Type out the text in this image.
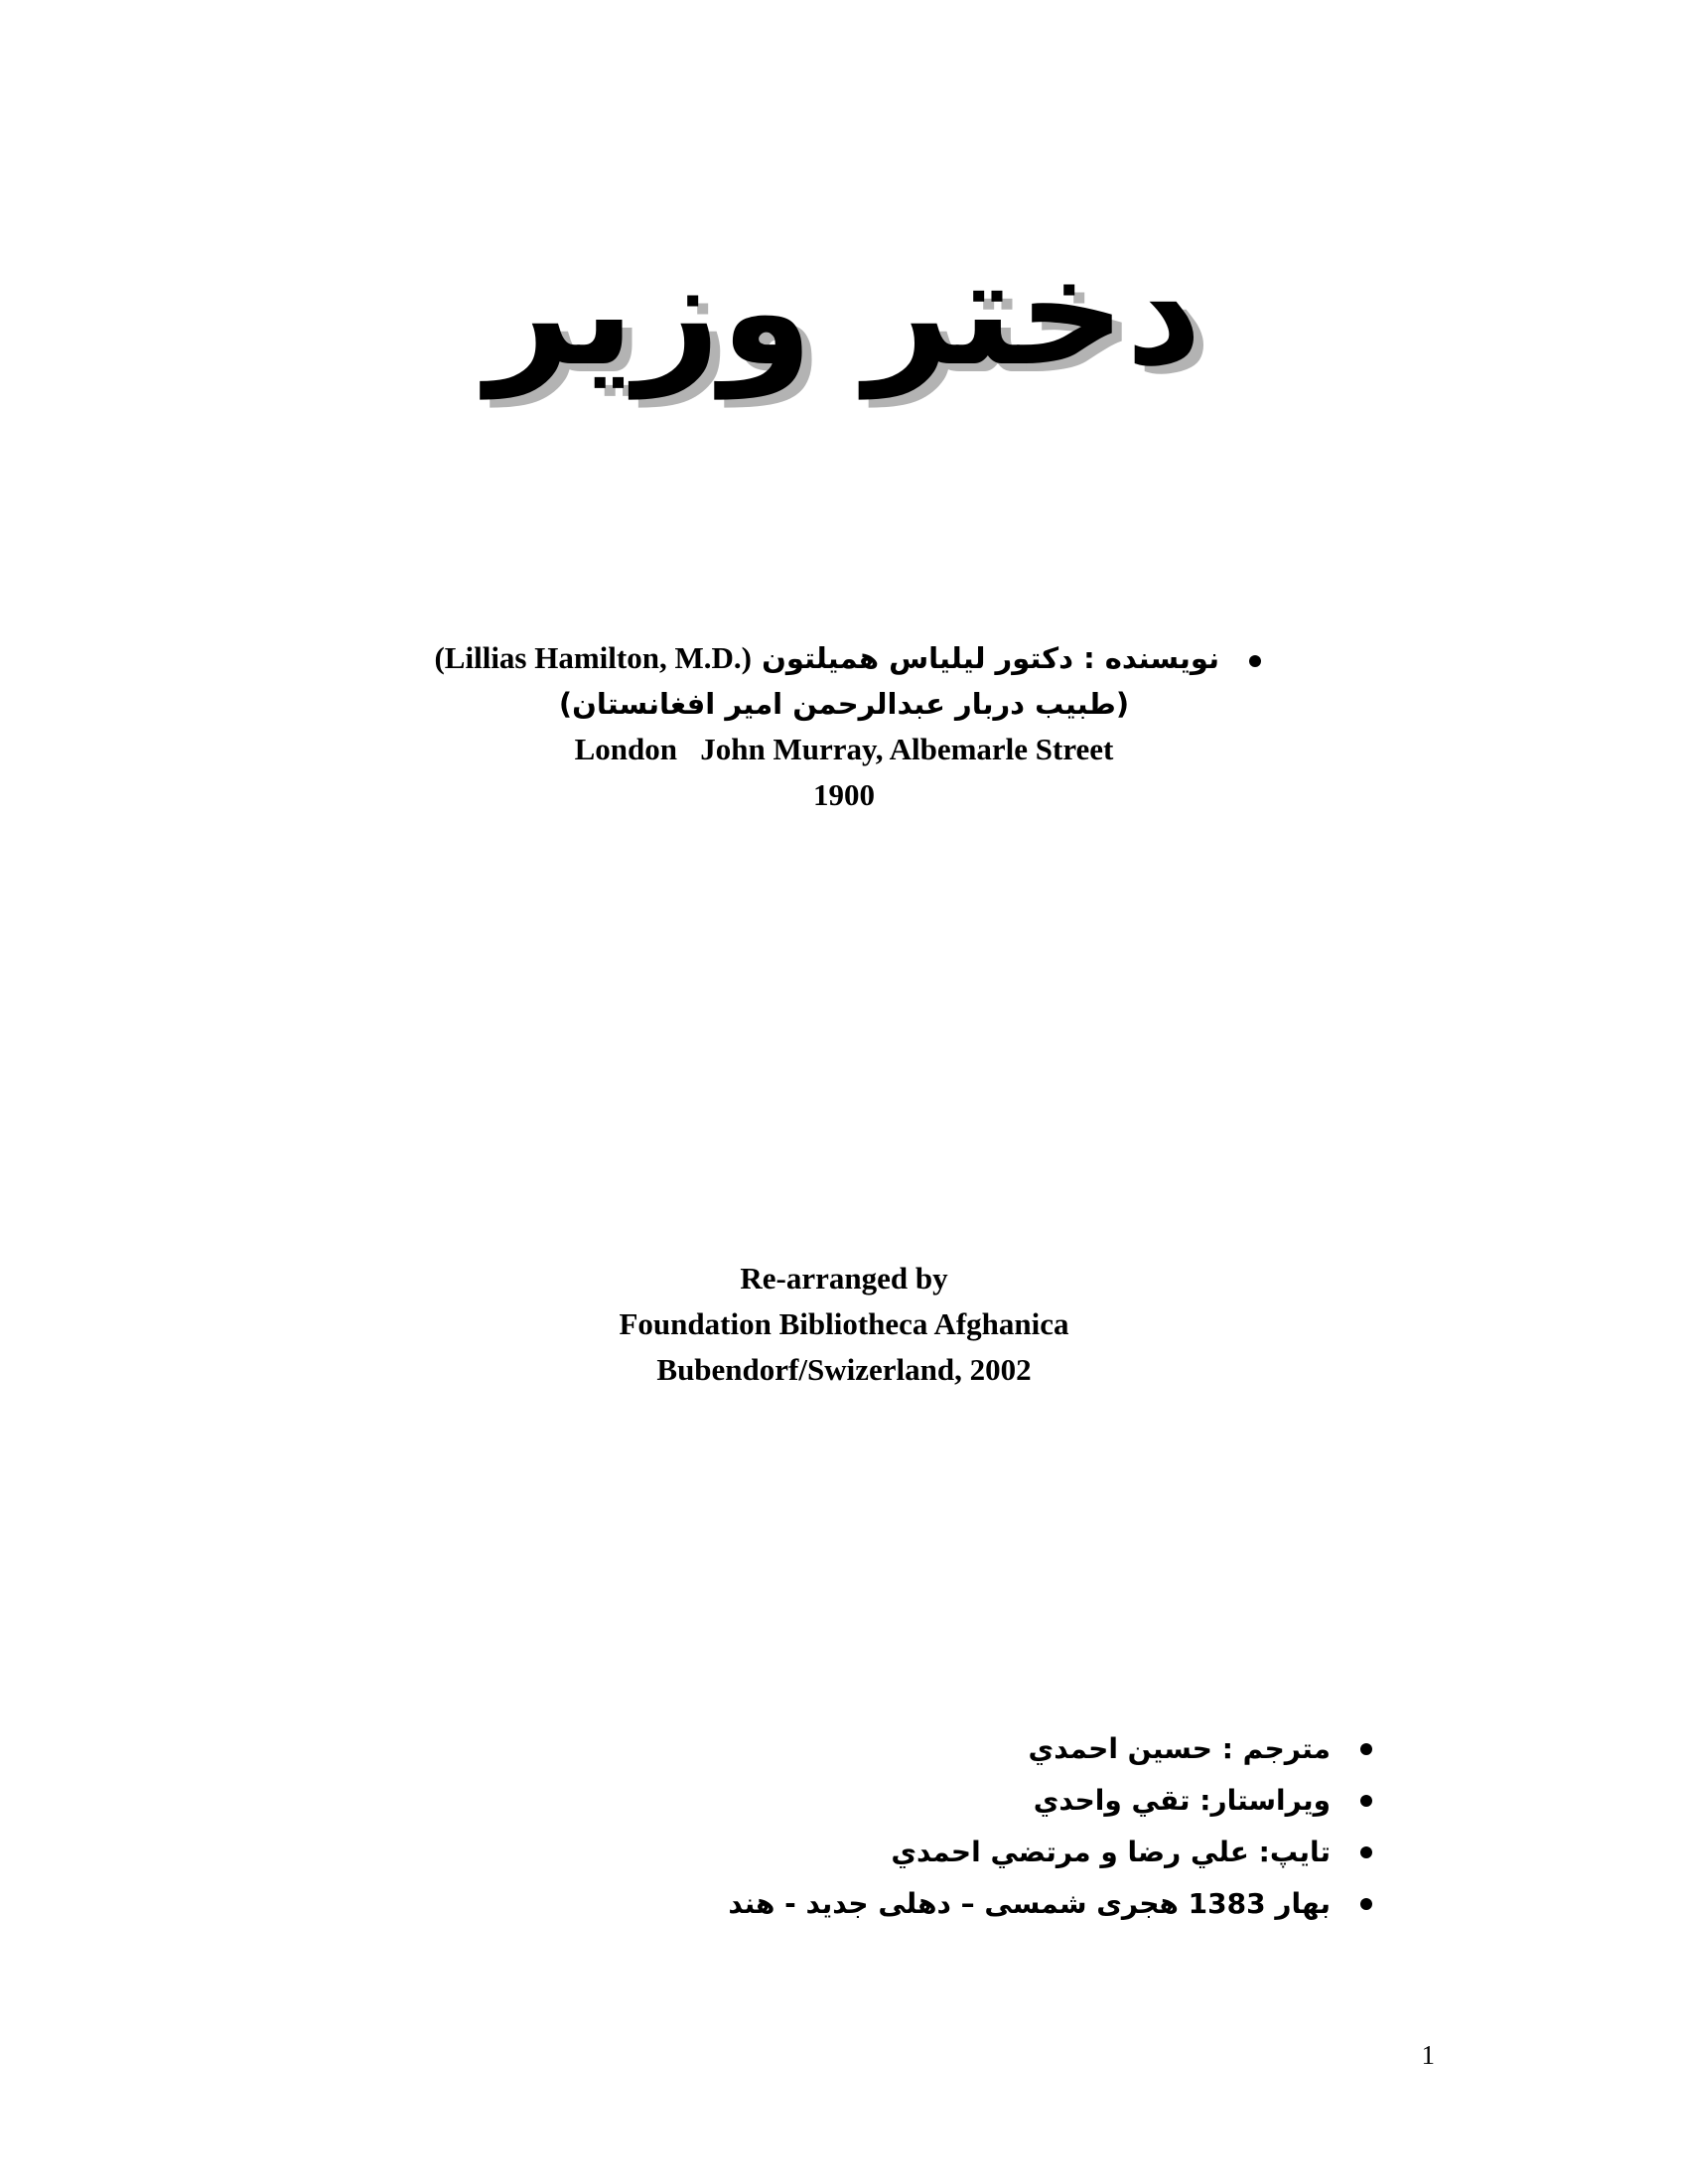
دختر وزير
نويسنده : دكتور ليلياس هميلتون (Lillias Hamilton, M.D.)
(طبيب دربار عبدالرحمن امير افغانستان)
London   John Murray, Albemarle Street
1900
Re-arranged by
Foundation Bibliotheca Afghanica
Bubendorf/Swizerland, 2002
مترجم : حسين احمدي
ويراستار: تقي واحدي
تايپ: علي رضا و مرتضي احمدي
بهار 1383 هجری شمسی – دهلی جديد - هند
1
